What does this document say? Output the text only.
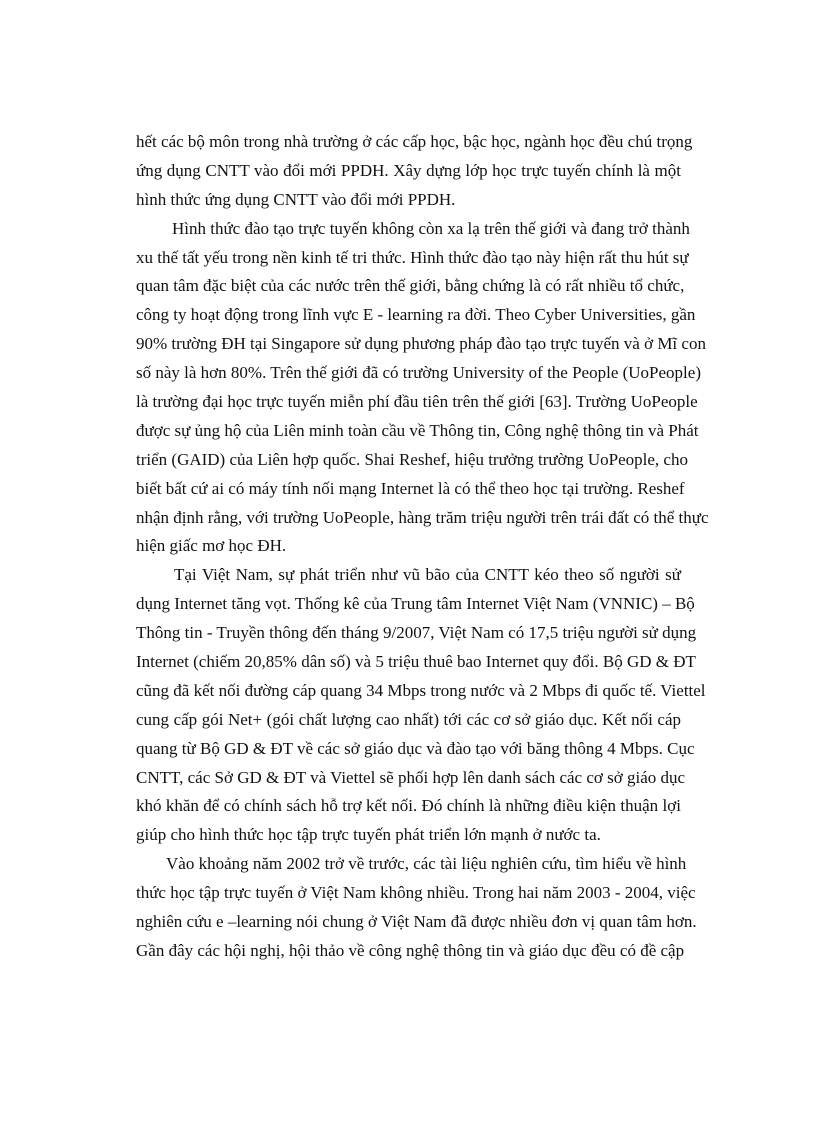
hết các bộ môn trong nhà trường ở các cấp học, bậc học, ngành học đều chú trọng
ứng dụng CNTT vào đổi mới PPDH. Xây dựng lớp học trực tuyến chính là một
hình thức ứng dụng CNTT vào đổi mới PPDH.
Hình thức đào tạo trực tuyến không còn xa lạ trên thế giới và đang trở thành
xu thế tất yếu trong nền kinh tế tri thức. Hình thức đào tạo này hiện rất thu hút sự
quan tâm đặc biệt của các nước trên thế giới, bằng chứng là có rất nhiều tổ chức,
công ty hoạt động trong lĩnh vực E - learning ra đời. Theo Cyber Universities, gần
90% trường ĐH tại Singapore sử dụng phương pháp đào tạo trực tuyến và ở Mĩ con
số này là hơn 80%. Trên thế giới đã có trường University of the People (UoPeople)
là trường đại học trực tuyến miễn phí đầu tiên trên thế giới [63]. Trường UoPeople
được sự ủng hộ của Liên minh toàn cầu về Thông tin, Công nghệ thông tin và Phát
triển (GAID) của Liên hợp quốc. Shai Reshef, hiệu trưởng trường UoPeople, cho
biết bất cứ ai có máy tính nối mạng Internet là có thể theo học tại trường. Reshef
nhận định rằng, với trường UoPeople, hàng trăm triệu người trên trái đất có thể thực
hiện giấc mơ học ĐH.
Tại Việt Nam, sự phát triển như vũ bão của CNTT kéo theo số người sử
dụng Internet tăng vọt. Thống kê của Trung tâm Internet Việt Nam (VNNIC) – Bộ
Thông tin - Truyền thông đến tháng 9/2007, Việt Nam có 17,5 triệu người sử dụng
Internet (chiếm 20,85% dân số) và 5 triệu thuê bao Internet quy đổi. Bộ GD & ĐT
cũng đã kết nối đường cáp quang 34 Mbps trong nước và 2 Mbps đi quốc tế. Viettel
cung cấp gói Net+ (gói chất lượng cao nhất) tới các cơ sở giáo dục. Kết nối cáp
quang từ Bộ GD & ĐT về các sở giáo dục và đào tạo với băng thông 4 Mbps. Cục
CNTT, các Sở GD & ĐT và Viettel sẽ phối hợp lên danh sách các cơ sở giáo dục
khó khăn để có chính sách hỗ trợ kết nối. Đó chính là những điều kiện thuận lợi
giúp cho hình thức học tập trực tuyến phát triển lớn mạnh ở nước ta.
Vào khoảng năm 2002 trở về trước, các tài liệu nghiên cứu, tìm hiểu về hình
thức học tập trực tuyến ở Việt Nam không nhiều. Trong hai năm 2003 - 2004, việc
nghiên cứu e –learning nói chung ở Việt Nam đã được nhiều đơn vị quan tâm hơn.
Gần đây các hội nghị, hội thảo về công nghệ thông tin và giáo dục đều có đề cập
